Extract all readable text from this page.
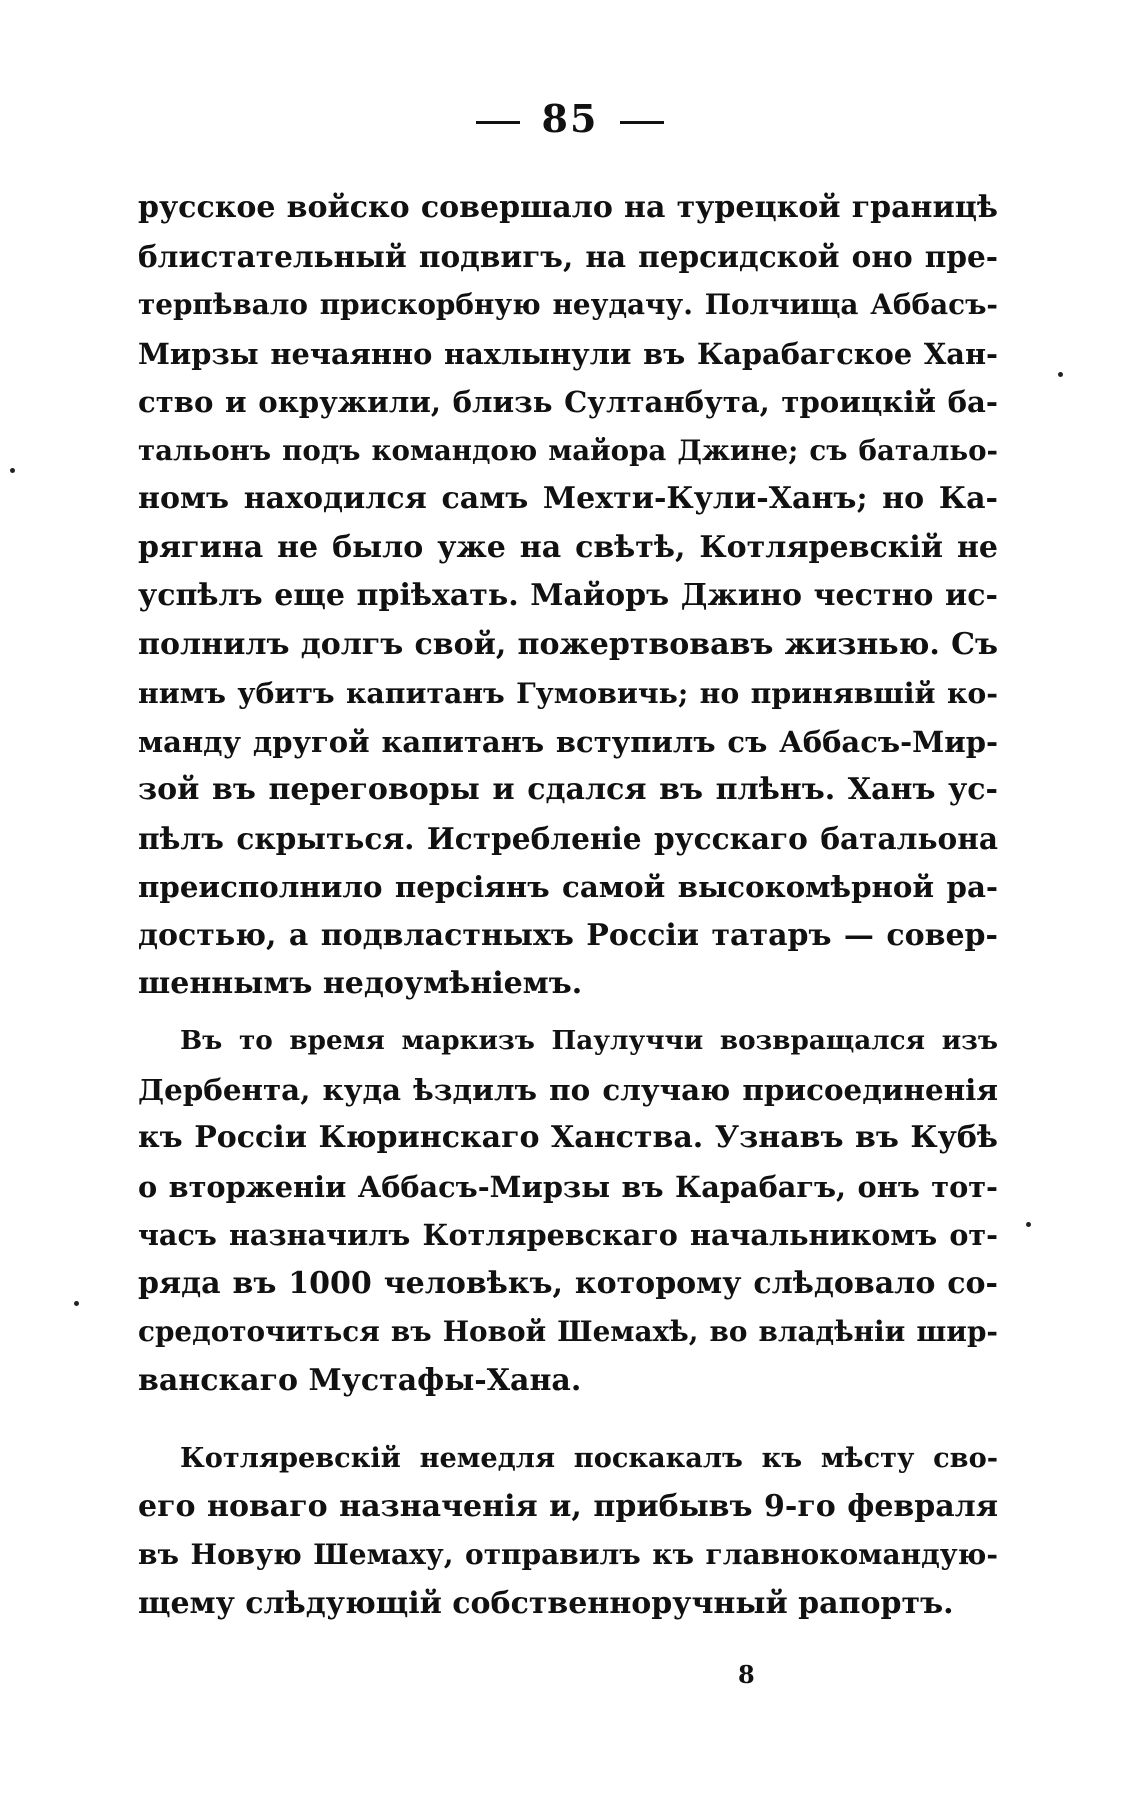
85
русское войско совершало на турецкой границѣ
блистательный подвигъ, на персидской оно пре-
терпѣвало прискорбную неудачу. Полчища Аббасъ-
Мирзы нечаянно нахлынули въ Карабагское Хан-
ство и окружили, близь Султанбута, троицкій ба-
тальонъ подъ командою майора Джине; съ батальо-
номъ находился самъ Мехти-Кули-Ханъ; но Ка-
рягина не было уже на свѣтѣ, Котляревскій не
успѣлъ еще прiѣхать. Майоръ Джино честно ис-
полнилъ долгъ свой, пожертвовавъ жизнью. Съ
нимъ убитъ капитанъ Гумовичь; но принявшій ко-
манду другой капитанъ вступилъ съ Аббасъ-Мир-
зой въ переговоры и сдался въ плѣнъ. Ханъ ус-
пѣлъ скрыться. Истребленіе русскаго батальона
преисполнило персіянъ самой высокомѣрной ра-
достью, а подвластныхъ Россіи татаръ — совер-
шеннымъ недоумѣніемъ.
Въ то время маркизъ Паулуччи возвращался изъ
Дербента, куда ѣздилъ по случаю присоединенія
къ Россіи Кюринскаго Ханства. Узнавъ въ Кубѣ
о вторженіи Аббасъ-Мирзы въ Карабагъ, онъ тот-
часъ назначилъ Котляревскаго начальникомъ от-
ряда въ 1000 человѣкъ, которому слѣдовало со-
средоточиться въ Новой Шемахѣ, во владѣніи шир-
ванскаго Мустафы-Хана.
Котляревскій немедля поскакалъ къ мѣсту сво-
его новаго назначенія и, прибывъ 9-го февраля
въ Новую Шемаху, отправилъ къ главнокомандую-
щему слѣдующій собственноручный рапортъ.
8
